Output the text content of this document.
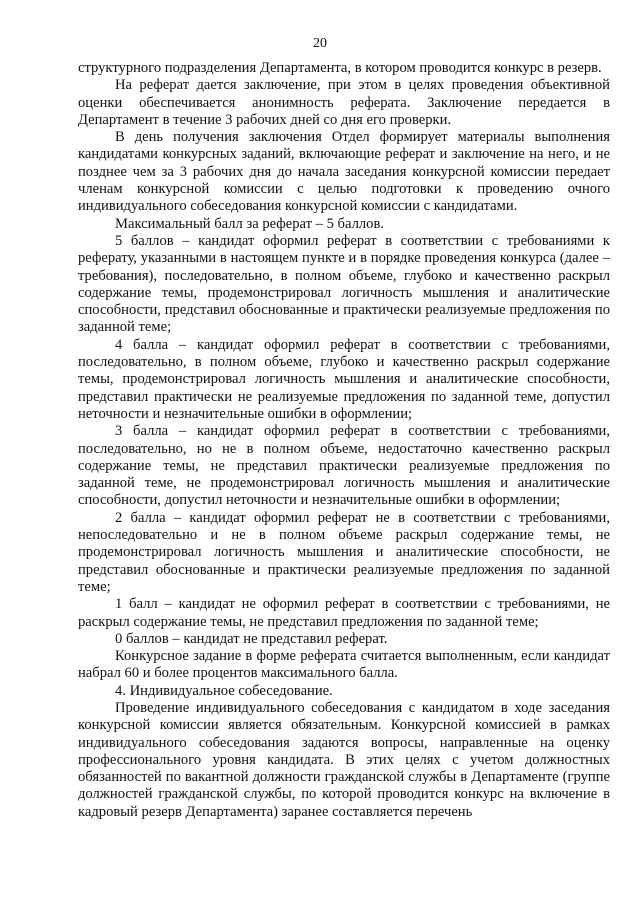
20

структурного подразделения Департамента, в котором проводится конкурс в резерв.

На реферат дается заключение, при этом в целях проведения объективной оценки обеспечивается анонимность реферата. Заключение передается в Департамент в течение 3 рабочих дней со дня его проверки.

В день получения заключения Отдел формирует материалы выполнения кандидатами конкурсных заданий, включающие реферат и заключение на него, и не позднее чем за 3 рабочих дня до начала заседания конкурсной комиссии передает членам конкурсной комиссии с целью подготовки к проведению очного индивидуального собеседования конкурсной комиссии с кандидатами.

Максимальный балл за реферат – 5 баллов.

5 баллов – кандидат оформил реферат в соответствии с требованиями к реферату, указанными в настоящем пункте и в порядке проведения конкурса (далее – требования), последовательно, в полном объеме, глубоко и качественно раскрыл содержание темы, продемонстрировал логичность мышления и аналитические способности, представил обоснованные и практически реализуемые предложения по заданной теме;

4 балла – кандидат оформил реферат в соответствии с требованиями, последовательно, в полном объеме, глубоко и качественно раскрыл содержание темы, продемонстрировал логичность мышления и аналитические способности, представил практически не реализуемые предложения по заданной теме, допустил неточности и незначительные ошибки в оформлении;

3 балла – кандидат оформил реферат в соответствии с требованиями, последовательно, но не в полном объеме, недостаточно качественно раскрыл содержание темы, не представил практически реализуемые предложения по заданной теме, не продемонстрировал логичность мышления и аналитические способности, допустил неточности и незначительные ошибки в оформлении;

2 балла – кандидат оформил реферат не в соответствии с требованиями, непоследовательно и не в полном объеме раскрыл содержание темы, не продемонстрировал логичность мышления и аналитические способности, не представил обоснованные и практически реализуемые предложения по заданной теме;

1 балл – кандидат не оформил реферат в соответствии с требованиями, не раскрыл содержание темы, не представил предложения по заданной теме;

0 баллов – кандидат не представил реферат.

Конкурсное задание в форме реферата считается выполненным, если кандидат набрал 60 и более процентов максимального балла.

4. Индивидуальное собеседование.

Проведение индивидуального собеседования с кандидатом в ходе заседания конкурсной комиссии является обязательным. Конкурсной комиссией в рамках индивидуального собеседования задаются вопросы, направленные на оценку профессионального уровня кандидата. В этих целях с учетом должностных обязанностей по вакантной должности гражданской службы в Департаменте (группе должностей гражданской службы, по которой проводится конкурс на включение в кадровый резерв Департамента) заранее составляется перечень
